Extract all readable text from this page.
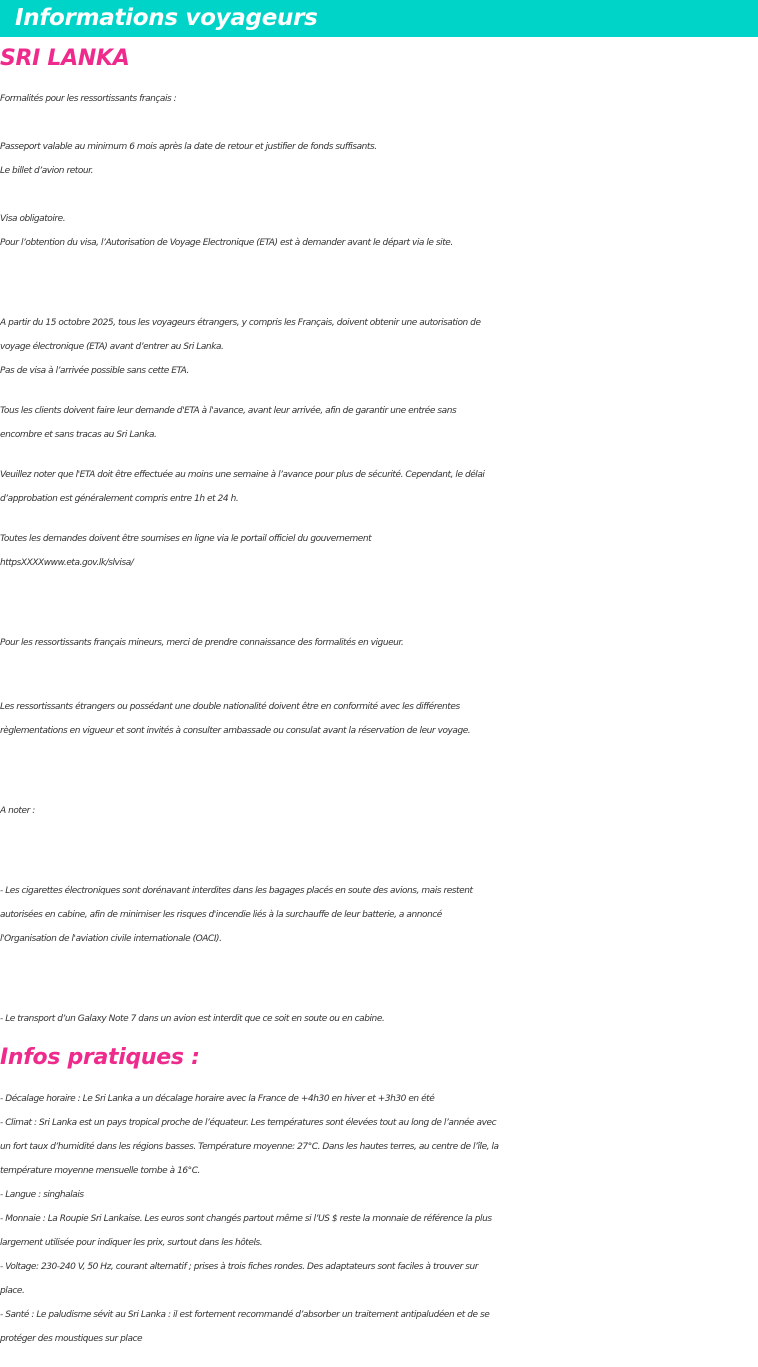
Informations voyageurs
SRI LANKA
Formalités pour les ressortissants français :
Passeport valable au minimum 6 mois après la date de retour et justifier de fonds suffisants.
Le billet d’avion retour.
Visa obligatoire.
Pour l’obtention du visa, l’Autorisation de Voyage Electronique (ETA) est à demander avant le départ via le site.
A partir du 15 octobre 2025, tous les voyageurs étrangers, y compris les Français, doivent obtenir une autorisation de
voyage électronique (ETA) avant d’entrer au Sri Lanka.
Pas de visa à l’arrivée possible sans cette ETA.
Tous les clients doivent faire leur demande d'ETA à l'avance, avant leur arrivée, afin de garantir une entrée sans
encombre et sans tracas au Sri Lanka.
Veuillez noter que l'ETA doit être effectuée au moins une semaine à l’avance pour plus de sécurité. Cependant, le délai
d’approbation est généralement compris entre 1h et 24 h.
Toutes les demandes doivent être soumises en ligne via le portail officiel du gouvernement
httpsXXXXwww.eta.gov.lk/slvisa/
Pour les ressortissants français mineurs, merci de prendre connaissance des formalités en vigueur.
Les ressortissants étrangers ou possédant une double nationalité doivent être en conformité avec les différentes
règlementations en vigueur et sont invités à consulter ambassade ou consulat avant la réservation de leur voyage.
A noter :
- Les cigarettes électroniques sont dorénavant interdites dans les bagages placés en soute des avions, mais restent
autorisées en cabine, afin de minimiser les risques d'incendie liés à la surchauffe de leur batterie, a annoncé
l'Organisation de l'aviation civile internationale (OACI).
- Le transport d’un Galaxy Note 7 dans un avion est interdit que ce soit en soute ou en cabine.
Infos pratiques :
- Décalage horaire : Le Sri Lanka a un décalage horaire avec la France de +4h30 en hiver et +3h30 en été
- Climat : Sri Lanka est un pays tropical proche de l’équateur. Les températures sont élevées tout au long de l’année avec
un fort taux d’humidité dans les régions basses. Température moyenne: 27°C. Dans les hautes terres, au centre de l’île, la
température moyenne mensuelle tombe à 16°C.
- Langue : singhalais
- Monnaie : La Roupie Sri Lankaise. Les euros sont changés partout même si l’US $ reste la monnaie de référence la plus
largement utilisée pour indiquer les prix, surtout dans les hôtels.
- Voltage: 230-240 V, 50 Hz, courant alternatif ; prises à trois fiches rondes. Des adaptateurs sont faciles à trouver sur
place.
- Santé : Le paludisme sévit au Sri Lanka : il est fortement recommandé d’absorber un traitement antipaludéen et de se
protéger des moustiques sur place
